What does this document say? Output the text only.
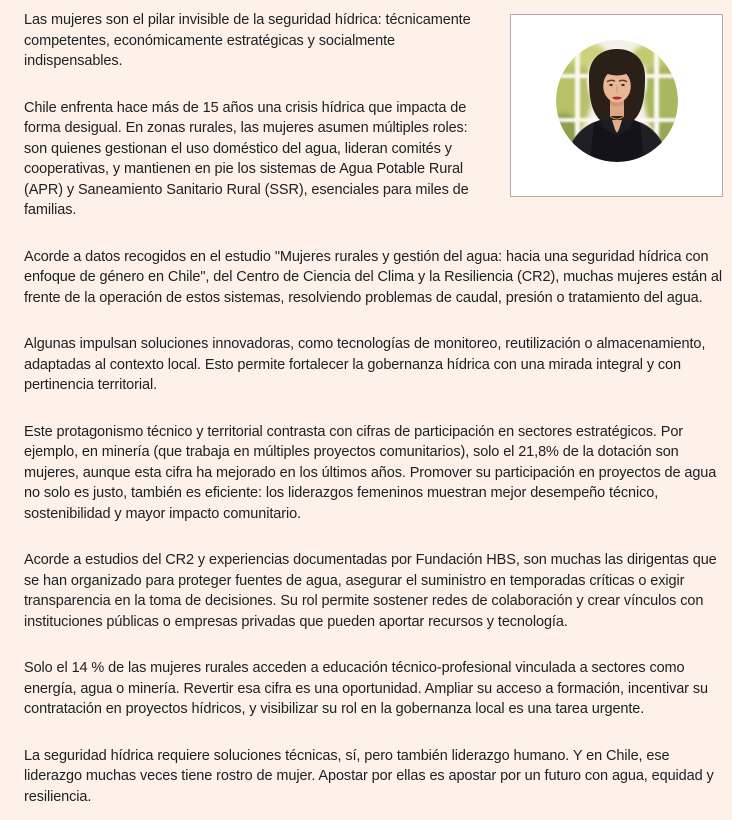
Las mujeres son el pilar invisible de la seguridad hídrica: técnicamente competentes, económicamente estratégicas y socialmente indispensables.

Chile enfrenta hace más de 15 años una crisis hídrica que impacta de forma desigual. En zonas rurales, las mujeres asumen múltiples roles: son quienes gestionan el uso doméstico del agua, lideran comités y cooperativas, y mantienen en pie los sistemas de Agua Potable Rural (APR) y Saneamiento Sanitario Rural (SSR), esenciales para miles de familias.

Acorde a datos recogidos en el estudio "Mujeres rurales y gestión del agua: hacia una seguridad hídrica con enfoque de género en Chile", del Centro de Ciencia del Clima y la Resiliencia (CR2), muchas mujeres están al frente de la operación de estos sistemas, resolviendo problemas de caudal, presión o tratamiento del agua.

Algunas impulsan soluciones innovadoras, como tecnologías de monitoreo, reutilización o almacenamiento, adaptadas al contexto local. Esto permite fortalecer la gobernanza hídrica con una mirada integral y con pertinencia territorial.

Este protagonismo técnico y territorial contrasta con cifras de participación en sectores estratégicos. Por ejemplo, en minería (que trabaja en múltiples proyectos comunitarios), solo el 21,8% de la dotación son mujeres, aunque esta cifra ha mejorado en los últimos años. Promover su participación en proyectos de agua no solo es justo, también es eficiente: los liderazgos femeninos muestran mejor desempeño técnico, sostenibilidad y mayor impacto comunitario.

Acorde a estudios del CR2 y experiencias documentadas por Fundación HBS, son muchas las dirigentas que se han organizado para proteger fuentes de agua, asegurar el suministro en temporadas críticas o exigir transparencia en la toma de decisiones. Su rol permite sostener redes de colaboración y crear vínculos con instituciones públicas o empresas privadas que pueden aportar recursos y tecnología.

Solo el 14 % de las mujeres rurales acceden a educación técnico-profesional vinculada a sectores como energía, agua o minería. Revertir esa cifra es una oportunidad. Ampliar su acceso a formación, incentivar su contratación en proyectos hídricos, y visibilizar su rol en la gobernanza local es una tarea urgente.

La seguridad hídrica requiere soluciones técnicas, sí, pero también liderazgo humano. Y en Chile, ese liderazgo muchas veces tiene rostro de mujer. Apostar por ellas es apostar por un futuro con agua, equidad y resiliencia.
